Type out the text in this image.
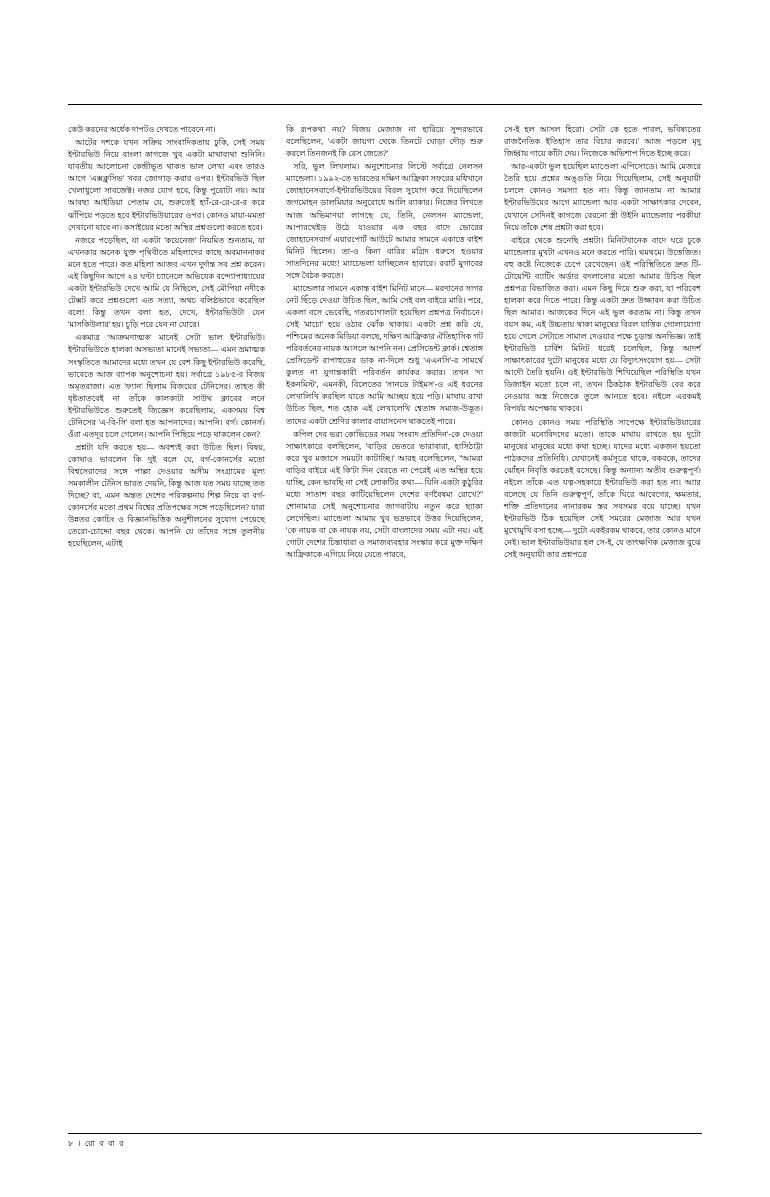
কেউ করনের অর্ধেক দাপটও দেখতে পাবেনে না।

আটের দশকে যখন সক্রিয় সাংবাদিকতায় ঢুকি, সেই সময় ইন্টারভিউ নিয়ে বাংলা কাগজে খুব একটা মাথাব্যথা শুনিনি। যাবতীয় আলোচনা কেন্দ্রীভূত থাকত ভাল লেখা এবং তারও আগে 'এক্সক্লুসিভ' খবর জোগাড় করার ওপর। ইন্টারভিউ ছিল খেলাধুলো সাবজেক্ট। নজর যোগ হবে, কিন্তু পুরোটা নয়। আর আবছা আইডিয়া পেতাম যে, শুরুতেই হ্যাঁ-রে-রে-রে-র করে ঝাঁপিয়ে পড়তে হবে ইন্টারভিউয়ারের ওপর। কোনও মায়া-মমতা দেখানো যাবে না। কসাইয়ের মতো অস্থির প্রশ্নগুলো করতে হবে।

নজরে পড়েছিল, যা একটা 'কয়েনেজ' নিয়মিত শুনতাম, যা এখনকার অনেক যুক্ত পৃথিবীতে মহিলাদের কাছে অবমাননাকর মনে হতে পারে। কত মহিলা আজব এখন দুর্দান্ত সব প্রশ্ন করেন। এই কিছুদিন আগে ২৪ ঘণ্টা চ্যানেলে অভিযেক বন্দ্যোপাধ্যায়ের একটা ইন্টারভিউ দেখে আমি যে নিছিলে, সেই মৌপিয়া নদীকে টেক্সট করে প্রশ্নগুলো এত সত্যা, অথচ বলিষ্ঠভাবে করেছিল বলে! কিন্তু তখন বলা হত, দেখে, ইন্টারভিউটা যেন 'মাসকিউলার' হয়। চুড়ি পরে যেন না যোরে।

একমাত্র 'আক্রমণাত্মক' মানেই সেটা ভাল ইন্টারভিউ। ইন্টারভিউতে হালকা অসভ্যতা মানেই সভ্যতা— এমন ভ্রমাত্মক সংস্কৃতিতে আমাদের মধ্যে তখন যে বেশ কিছু ইন্টারভিউ করেছি, ভাবেতে আজ ব্যাপক অনুশোচনা হয়। সর্বাগ্রে ১৯৮৫-র বিজয় অমৃতরাজা। এত 'ফ্যান' ছিলাম বিজয়ের টেনিসের। তাহত কী ধৃষ্টতাতবেই না তাঁকে কালকাটা সাউথ ক্লাবের লনে ইন্টারভিউতে শুরুতেই জিজ্ঞেস করেছিলাম, একসময় বিশ্ব টেনিসের 'এ-বি-সি' বলা হত আপনাদের। আপনি। বর্গ। কোনর্স। ওঁরা এতদূর চলে গেলেন। আপনি পিছিয়ে পড়ে থাকলেন কেন?

প্রশ্নটা যদি করতে হয়— অবশ্যই করা উচিত ছিল। বিষয়, কোথাও ভাবলেন কি দুই বলে যে, বর্গ-কোনর্সের মতো বিশ্বসেরাদের সঙ্গে পাল্লা দেওয়ার অসীম সংগ্রামের মূল্য সমকালীন টেনিস ভারত দেয়নি, কিন্তু আজ যত সময় যাচ্ছে তত দিচ্ছে? বা, এমন অন্তত দেশের পরিকল্পনায় শিল্প নিয়ে বা বর্গ-কোনর্সের মতো প্রথম বিশ্বের প্রতিপক্ষের সঙ্গে পড়েছিলেন? যারা উন্নতর কোচিং ও বিজ্ঞানভিত্তিক অনুশীলনের সুযোগ পেয়েছে তেরো-চোদ্দো বছর থেকে। আপনি যে তাঁদের সঙ্গে তুলনীয় হয়েছিলেন, এটাই

কি রূপকথা নয়? বিজয় মেজাজ না হারিয়ে সুন্দরভাবে বলেছিলেন, 'একটা জায়গা থেকে তিনটে ঘোড়া দৌড় শুরু করলে তিনজনই কি রেস জেতে?'

সরি, ভুল লিখলাম। অনুশোচনার লিস্টে সর্বাগ্রে নেলসন ম্যান্ডেলা। ১৯৯২-তে ভারতের দক্ষিণ আফ্রিকা সফরের মধিখানে জোহানেসবার্গে-ইন্টারভিউয়ের বিরল সুযোগ করে দিয়েছিলেন জগমোহন ডালমিয়ার অনুরোধে আলি ব্যাকার। নিজের লিখতে আজ অভিমাণয়া লাগছে যে, তিনি, নেলসন ম্যান্ডেলা, আপারথেইড উঠে যাওয়ার এক বছর বাদে ভোরের জোহানেসবার্গ এয়ারপোর্ট আউটে আমার সামনে একাত্তে বাইশ মিনিট ছিলেন। তা-ও কিনা বারির মগ্রিদ ধরুসে হওয়ার সাতদিনের মধ্যে! ম্যাচেভলা যাচ্ছিলেন হারারে। রবার্ট মুগাবের সঙ্গে বৈঠক করতে।

ম্যান্ডেলার সামনে একান্ত বাইশ মিনিট মানে— মরদানের সাগর নেট ছিঁড়ে দেওয়া উচিত ছিল, আমি সেই বল বাইরে মারি। পরে, একলা বসে ভেবেছি, গতরচাগালটা হয়েছিল প্রশ্নপত্র নির্বাচনে। সেই 'মাচো' হয়ে ওঠার ঝোঁক থাকায়। একটা প্রশ্ন করি যে, পশ্চিমের অনেক মিডিয়া বলছে, দক্ষিণ আফ্রিকার ঐতিহাসিক গট পরিবর্তনের নায়ক আসলে আপনি নন। প্রেসিডেন্ট ক্লার্ক। শ্বেতাঙ্গ প্রেসিডেন্ট রাপাহুডের ডাক না-দিলে শুধু 'এএনসি'-র সামর্থে কুলত না যুগান্তকারী পরিবর্তন কার্যকর করার। তখন 'দ্য ইকনমিস্ট', এমনকী, বিলেতের 'সানডে টাইমস'-ও এই ধরনের লেখালিখি করছিল যাতে আমি আচ্ছয় হয়ে পড়ি। মাথায় রাখা উচিত ছিল, শত হোক এই লেখালেখি শ্বেতাঙ্গ সমাজ-উদ্ভূত। তাদের একটা শ্রেণির কালার বায়াসনেস থাকতেই পারে।

কপিল দেব ভরা কোভিডের সময় 'সংবাদ প্রতিদিন'-কে দেওয়া সাক্ষাৎকারে বলছিলেন, 'বাড়ির ভেতরে ভারাবারা, হাসিঠাট্টা করে খুব মজাসে সময়টা কাটাচ্ছি।' আরহ বলেছিলেন, ''আমরা বাড়ির বাইরে এই কি'টা দিন বেরতে না পেরেই এত অস্থির হয়ে যাচ্ছি, কেন ভাবছি না সেই লোকটির কথা— যিনি একটা কুঠুরির মধ্যে সাতাশ বছর কাটিয়েছিলেন দেশের বর্ণবৈষম্য রোখে?'' শোনামাত্র সেই অনুশোচনার জাগবাটায় নতুন করে ছ্যাকা লেগেছিল। ম্যান্ডেলা আমায় খুব ভদ্রভাবে উত্তর দিয়েছিলেন, 'কে নায়ক বা কে নায়ক নয়, সেটা বাংলাদের সময় এটা নয়। এই গোটা দেশের চিন্তাধারা ও সমাজব্যবহার সংস্কার করে মুক্ত দক্ষিণ আফ্রিকাকে এগিয়ে নিয়ে যেতে পারবে,

সে-ই হল আসল হিরো। সেটা কে হতে পারল, ভবিষ্যতের রাজনৈতিক ইতিহাস তার বিচার করবে।' আজ পড়লে মৃদু জিহ্বায় গায়ে কাঁটা দেয়। নিজেকে অভিশাপ দিতে ইচ্ছে করে।

আর-একটা ভুল হয়েছিল ম্যাণ্ডেলা এপিসোডে। আমি মেজরে তৈরি হয়ে প্রশ্নের অঙ্গুতি নিয়ে গিয়েছিলাম, সেই অনুযায়ী চললে কোনও সমস্যা হত না। কিন্তু জানতাম না আমার ইন্টারভিউয়ের আগে ম্যান্ডেলা আর একটা সাক্ষাৎকার দেবেন, যেখানে সেদিনই কাগজে বেরনো স্ত্রী উইনি ম্যান্ডেলার পরকীয়া নিয়ে তাঁকে শেষ প্রশ্নটা করা হবে।

বাইরে থেকে শুনেছি প্রশ্নটা। মিনিটখানেক বাদে ঘরে ঢুকে ম্যান্ডেলার মুখটা এখনও মনে করতে পারি। থমথমে। উত্তেজিত। বহু কষ্টে নিজেকে চেপে রেখেছেন। ওই পরিস্থিতিতে দ্রুত টি-টোয়েন্টি ব্যাটিং অর্ডার বদলানোর মতো আমার উচিত ছিল প্রশ্নপত্র বিভাজিত করা। এমন কিছু দিয়ে শুরু করা, যা পরিবেশ হালকা করে দিতে পারে। কিন্তু একটা দ্রুত উজ্জাবন করা উচিত ছিল আমার। আজকের দিনে এই ভুল করতাম না। কিন্তু তখন বয়স কম, এই উচ্চতায় থাকা মানুষের বিরল যাত্তিক গোলাযোগা হয়ে গেলে সেটাতে সামাল দেওয়ার পক্ষে চূড়ান্ত অনভিজ্ঞ। তাই ইন্টারভিউ চার্বিশ মিনিট ধরেই চলেছিল, কিন্তু আদর্শ সাক্ষাৎকারের দুটো মানুষের মধ্যে যে বিদ্যুৎসংযোগ হয়— সেটা আদৌ তৈরি হয়নি। ওই ইন্টারভিউ শিখিয়েছিল পরিস্থিতি যখন ডিজাইন মতো চলে না, তখন ঠিকঠাক ইন্টারভিউ বের করে নেওয়ার অস্ত্র নিজেকে তুলে আনতে হবে। নইলে এরকমই বিপর্যয় অপেক্ষায় থাকবে।

কোনও কোনও সময় পরিস্থিতি সাপেক্ষে ইন্টারভিউয়ারের কাজটা মনোবিদদের মতো। তাকে মাথায় রাখতে হয় দুটো মানুষের মানুষের মধ্যে কথা হচ্ছে। যাদের মধ্যে একজন হয়তো পাঠকদের প্রতিনিধি। যেখানেই কর্মসূত্রে থাকে, বকবকে, তাদের ঝোঁহন নিবৃত্তি করতেই বসেছে। কিন্তু অন্যান্য অতীব গুরুত্বপূর্ণ। নইলে তাঁকে এত যত্ন-সহকারে ইন্টারভিউ করা হত না। আার বলেছে যে তিনি গুরুত্বপূর্ণ, তাঁকে ঘিরে আবেগের, ক্ষমতার, শক্তি প্রতিদানের নানারকম স্তর সবসমর বয়ে যাচ্ছে। যখন ইন্টারভিউ ঠিক হয়েছিল সেই সমরের মেজাজ আর যখন মুখোমুখি বসা হচ্ছে— দুটো একইরকম থাকবে, তার কোনও মানে নেই। ভাল ইন্টারভিউয়ার হল সে-ই, যে তাৎক্ষণিক মেজাজ বুঝে সেই অনুযায়ী তার প্রশ্নপত্রে

৮ । রো ব বা র
